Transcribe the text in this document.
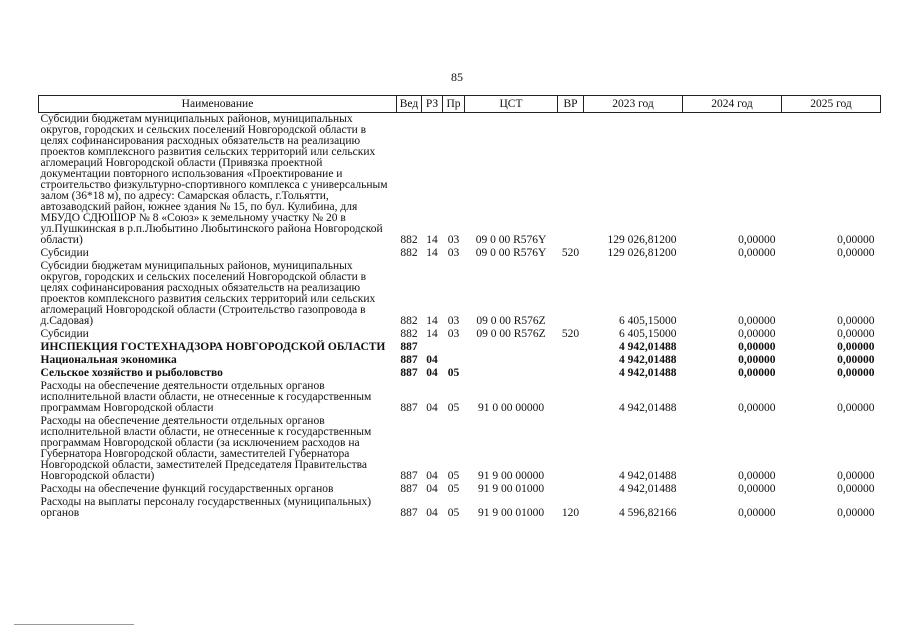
85
Наименование	Вед	РЗ	Пр	ЦСТ	ВР	2023 год	2024 год	2025 год
Субсидии бюджетам муниципальных районов, муниципальных округов, городских и сельских поселений Новгородской области в целях софинансирования расходных обязательств на реализацию проектов комплексного развития сельских территорий или сельских агломераций Новгородской области (Привязка проектной документации повторного использования «Проектирование и строительство физкультурно-спортивного комплекса с универсальным залом (36*18 м), по адресу: Самарская область, г.Тольятти, автозаводский район, южнее здания № 15, по бул. Кулибина, для МБУДО СДЮШОР № 8 «Союз» к земельному участку № 20 в ул.Пушкинская в р.п.Любытино Любытинского района Новгородской области)	882	14	03	09 0 00 R576Y		129 026,81200	0,00000	0,00000
Субсидии	882	14	03	09 0 00 R576Y	520	129 026,81200	0,00000	0,00000
Субсидии бюджетам муниципальных районов, муниципальных округов, городских и сельских поселений Новгородской области в целях софинансирования расходных обязательств на реализацию проектов комплексного развития сельских территорий или сельских агломераций Новгородской области (Строительство газопровода в д.Садовая)	882	14	03	09 0 00 R576Z		6 405,15000	0,00000	0,00000
Субсидии	882	14	03	09 0 00 R576Z	520	6 405,15000	0,00000	0,00000
ИНСПЕКЦИЯ ГОСТЕХНАДЗОРА НОВГОРОДСКОЙ ОБЛАСТИ	887					4 942,01488	0,00000	0,00000
Национальная экономика	887	04				4 942,01488	0,00000	0,00000
Сельское хозяйство и рыболовство	887	04	05			4 942,01488	0,00000	0,00000
Расходы на обеспечение деятельности отдельных органов исполнительной власти области, не отнесенные к государственным программам Новгородской области	887	04	05	91 0 00 00000		4 942,01488	0,00000	0,00000
Расходы на обеспечение деятельности отдельных органов исполнительной власти области, не отнесенные к государственным программам Новгородской области (за исключением расходов на Губернатора Новгородской области, заместителей Губернатора Новгородской области, заместителей Председателя Правительства Новгородской области)	887	04	05	91 9 00 00000		4 942,01488	0,00000	0,00000
Расходы на обеспечение функций государственных органов	887	04	05	91 9 00 01000		4 942,01488	0,00000	0,00000
Расходы на выплаты персоналу государственных (муниципальных) органов	887	04	05	91 9 00 01000	120	4 596,82166	0,00000	0,00000
